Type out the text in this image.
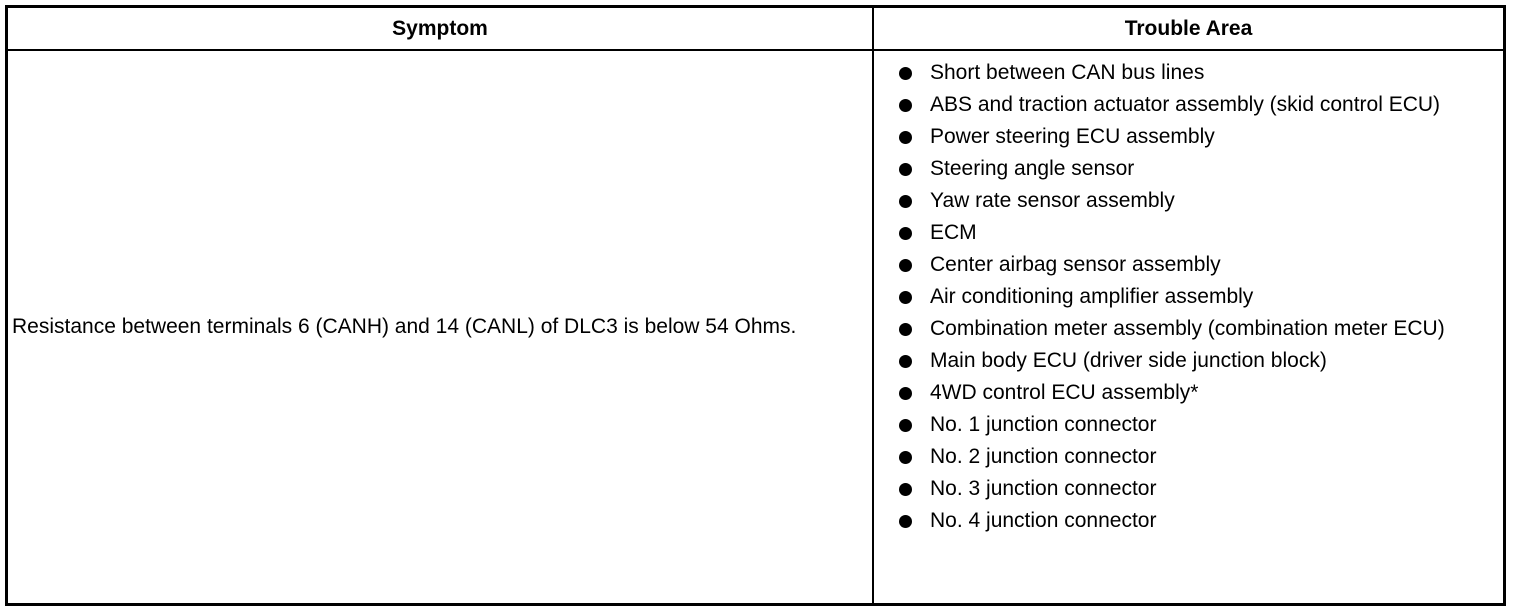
Symptom	Trouble Area
Resistance between terminals 6 (CANH) and 14 (CANL) of DLC3 is below 54 Ohms.
Short between CAN bus lines
ABS and traction actuator assembly (skid control ECU)
Power steering ECU assembly
Steering angle sensor
Yaw rate sensor assembly
ECM
Center airbag sensor assembly
Air conditioning amplifier assembly
Combination meter assembly (combination meter ECU)
Main body ECU (driver side junction block)
4WD control ECU assembly*
No. 1 junction connector
No. 2 junction connector
No. 3 junction connector
No. 4 junction connector
